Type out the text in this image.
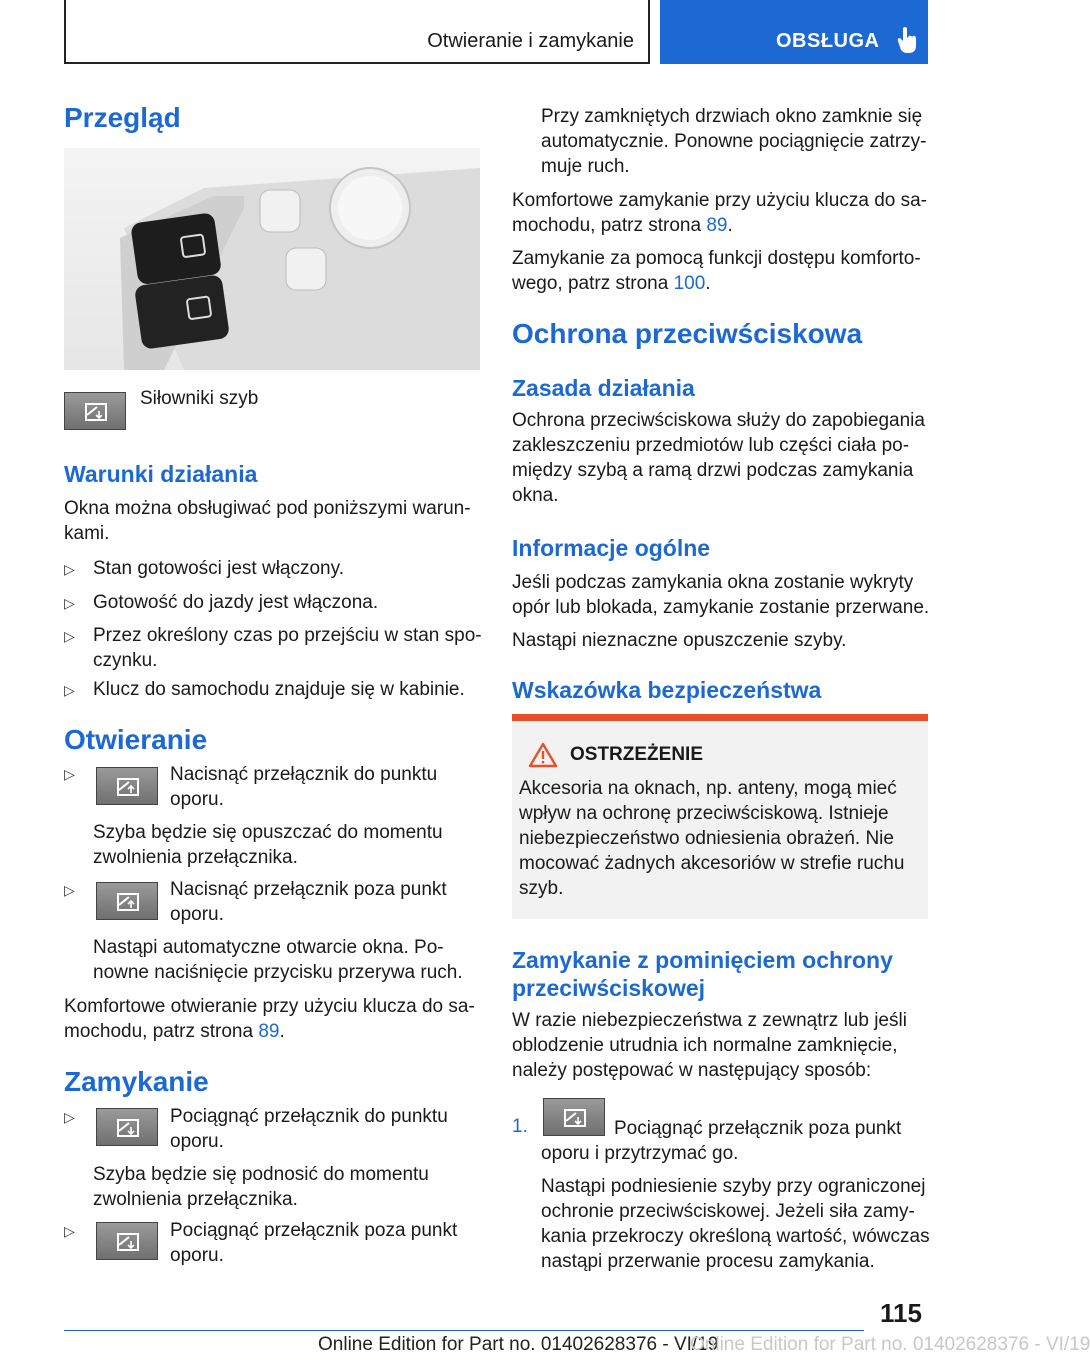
Otwieranie i zamykanie	OBSŁUGA
Przegląd
Siłowniki szyb
Warunki działania
Okna można obsługiwać pod poniższymi warun-
kami.
▷ Stan gotowości jest włączony.
▷ Gotowość do jazdy jest włączona.
▷ Przez określony czas po przejściu w stan spo-
czynku.
▷ Klucz do samochodu znajduje się w kabinie.
Otwieranie
▷	Nacisnąć przełącznik do punktu
oporu.
Szyba będzie się opuszczać do momentu
zwolnienia przełącznika.
▷	Nacisnąć przełącznik poza punkt
oporu.
Nastąpi automatyczne otwarcie okna. Po-
nowne naciśnięcie przycisku przerywa ruch.
Komfortowe otwieranie przy użyciu klucza do sa-
mochodu, patrz strona 89.
Zamykanie
▷	Pociągnąć przełącznik do punktu
oporu.
Szyba będzie się podnosić do momentu
zwolnienia przełącznika.
▷	Pociągnąć przełącznik poza punkt
oporu.
Przy zamkniętych drzwiach okno zamknie się
automatycznie. Ponowne pociągnięcie zatrzy-
muje ruch.
Komfortowe zamykanie przy użyciu klucza do sa-
mochodu, patrz strona 89.
Zamykanie za pomocą funkcji dostępu komforto-
wego, patrz strona 100.
Ochrona przeciwściskowa
Zasada działania
Ochrona przeciwściskowa służy do zapobiegania
zakleszczeniu przedmiotów lub części ciała po-
między szybą a ramą drzwi podczas zamykania
okna.
Informacje ogólne
Jeśli podczas zamykania okna zostanie wykryty
opór lub blokada, zamykanie zostanie przerwane.
Nastąpi nieznaczne opuszczenie szyby.
Wskazówka bezpieczeństwa
OSTRZEŻENIE
Akcesoria na oknach, np. anteny, mogą mieć
wpływ na ochronę przeciwściskową. Istnieje
niebezpieczeństwo odniesienia obrażeń. Nie
mocować żadnych akcesoriów w strefie ruchu
szyb.
Zamykanie z pominięciem ochrony
przeciwściskowej
W razie niebezpieczeństwa z zewnątrz lub jeśli
oblodzenie utrudnia ich normalne zamknięcie,
należy postępować w następujący sposób:
1.	Pociągnąć przełącznik poza punkt
oporu i przytrzymać go.
Nastąpi podniesienie szyby przy ograniczonej
ochronie przeciwściskowej. Jeżeli siła zamy-
kania przekroczy określoną wartość, wówczas
nastąpi przerwanie procesu zamykania.
115
Online Edition for Part no. 01402628376 - VI/19
Online Edition for Part no. 01402628376 - VI/19
